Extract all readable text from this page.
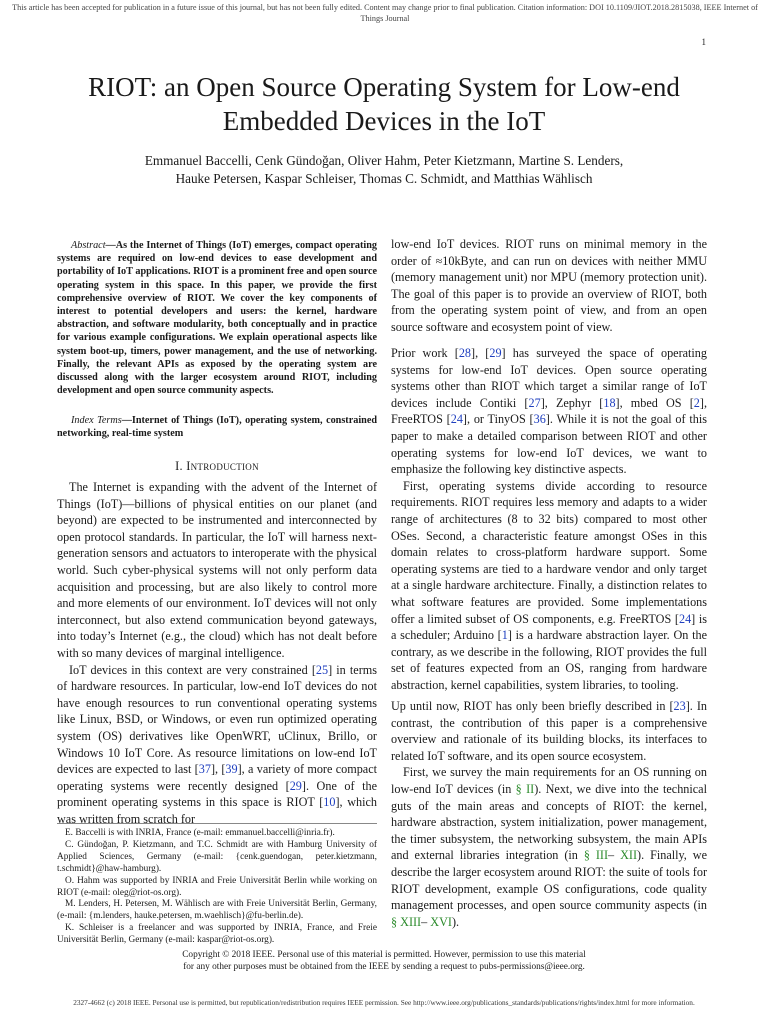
This article has been accepted for publication in a future issue of this journal, but has not been fully edited. Content may change prior to final publication. Citation information: DOI 10.1109/JIOT.2018.2815038, IEEE Internet of Things Journal
1
RIOT: an Open Source Operating System for Low-end Embedded Devices in the IoT
Emmanuel Baccelli, Cenk Gündoğan, Oliver Hahm, Peter Kietzmann, Martine S. Lenders,
Hauke Petersen, Kaspar Schleiser, Thomas C. Schmidt, and Matthias Wählisch
Abstract—As the Internet of Things (IoT) emerges, compact operating systems are required on low-end devices to ease development and portability of IoT applications. RIOT is a prominent free and open source operating system in this space. In this paper, we provide the first comprehensive overview of RIOT. We cover the key components of interest to potential developers and users: the kernel, hardware abstraction, and software modularity, both conceptually and in practice for various example configurations. We explain operational aspects like system boot-up, timers, power management, and the use of networking. Finally, the relevant APIs as exposed by the operating system are discussed along with the larger ecosystem around RIOT, including development and open source community aspects.
Index Terms—Internet of Things (IoT), operating system, constrained networking, real-time system
I. Introduction

The Internet is expanding with the advent of the Internet of Things (IoT)—billions of physical entities on our planet (and beyond) are expected to be instrumented and interconnected by open protocol standards. In particular, the IoT will harness next-generation sensors and actuators to interoperate with the physical world. Such cyber-physical systems will not only perform data acquisition and processing, but are also likely to control more and more elements of our environment. IoT devices will not only interconnect, but also extend communication beyond gateways, into today’s Internet (e.g., the cloud) which has not dealt before with so many devices of marginal intelligence.

IoT devices in this context are very constrained [25] in terms of hardware resources. In particular, low-end IoT devices do not have enough resources to run conventional operating systems like Linux, BSD, or Windows, or even run optimized operating system (OS) derivatives like OpenWRT, uClinux, Brillo, or Windows 10 IoT Core. As resource limitations on low-end IoT devices are expected to last [37], [39], a variety of more compact operating systems were recently designed [29]. One of the prominent operating systems in this space is RIOT [10], which was written from scratch for

E. Baccelli is with INRIA, France (e-mail: emmanuel.baccelli@inria.fr).

C. Gündoğan, P. Kietzmann, and T.C. Schmidt are with Hamburg University of Applied Sciences, Germany (e-mail: {cenk.guendogan, peter.kietzmann, t.schmidt}@haw-hamburg).

O. Hahm was supported by INRIA and Freie Universität Berlin while working on RIOT (e-mail: oleg@riot-os.org).

M. Lenders, H. Petersen, M. Wählisch are with Freie Universität Berlin, Germany, (e-mail: {m.lenders, hauke.petersen, m.waehlisch}@fu-berlin.de).

K. Schleiser is a freelancer and was supported by INRIA, France, and Freie Universität Berlin, Germany (e-mail: kaspar@riot-os.org).

low-end IoT devices. RIOT runs on minimal memory in the order of ≈10kByte, and can run on devices with neither MMU (memory management unit) nor MPU (memory protection unit). The goal of this paper is to provide an overview of RIOT, both from the operating system point of view, and from an open source software and ecosystem point of view.

Prior work [28], [29] has surveyed the space of operating systems for low-end IoT devices. Open source operating systems other than RIOT which target a similar range of IoT devices include Contiki [27], Zephyr [18], mbed OS [2], FreeRTOS [24], or TinyOS [36]. While it is not the goal of this paper to make a detailed comparison between RIOT and other operating systems for low-end IoT devices, we want to emphasize the following key distinctive aspects.

First, operating systems divide according to resource requirements. RIOT requires less memory and adapts to a wider range of architectures (8 to 32 bits) compared to most other OSes. Second, a characteristic feature amongst OSes in this domain relates to cross-platform hardware support. Some operating systems are tied to a hardware vendor and only target at a single hardware architecture. Finally, a distinction relates to what software features are provided. Some implementations offer a limited subset of OS components, e.g. FreeRTOS [24] is a scheduler; Arduino [1] is a hardware abstraction layer. On the contrary, as we describe in the following, RIOT provides the full set of features expected from an OS, ranging from hardware abstraction, kernel capabilities, system libraries, to tooling.

Up until now, RIOT has only been briefly described in [23]. In contrast, the contribution of this paper is a comprehensive overview and rationale of its building blocks, its interfaces to related IoT software, and its open source ecosystem.

First, we survey the main requirements for an OS running on low-end IoT devices (in § II). Next, we dive into the technical guts of the main areas and concepts of RIOT: the kernel, hardware abstraction, system initialization, power management, the timer subsystem, the networking subsystem, the main APIs and external libraries integration (in § III– XII). Finally, we describe the larger ecosystem around RIOT: the suite of tools for RIOT development, example OS configurations, code quality management processes, and open source community aspects (in § XIII– XVI).

Copyright © 2018 IEEE. Personal use of this material is permitted. However, permission to use this material
for any other purposes must be obtained from the IEEE by sending a request to pubs-permissions@ieee.org.
2327-4662 (c) 2018 IEEE. Personal use is permitted, but republication/redistribution requires IEEE permission. See http://www.ieee.org/publications_standards/publications/rights/index.html for more information.
